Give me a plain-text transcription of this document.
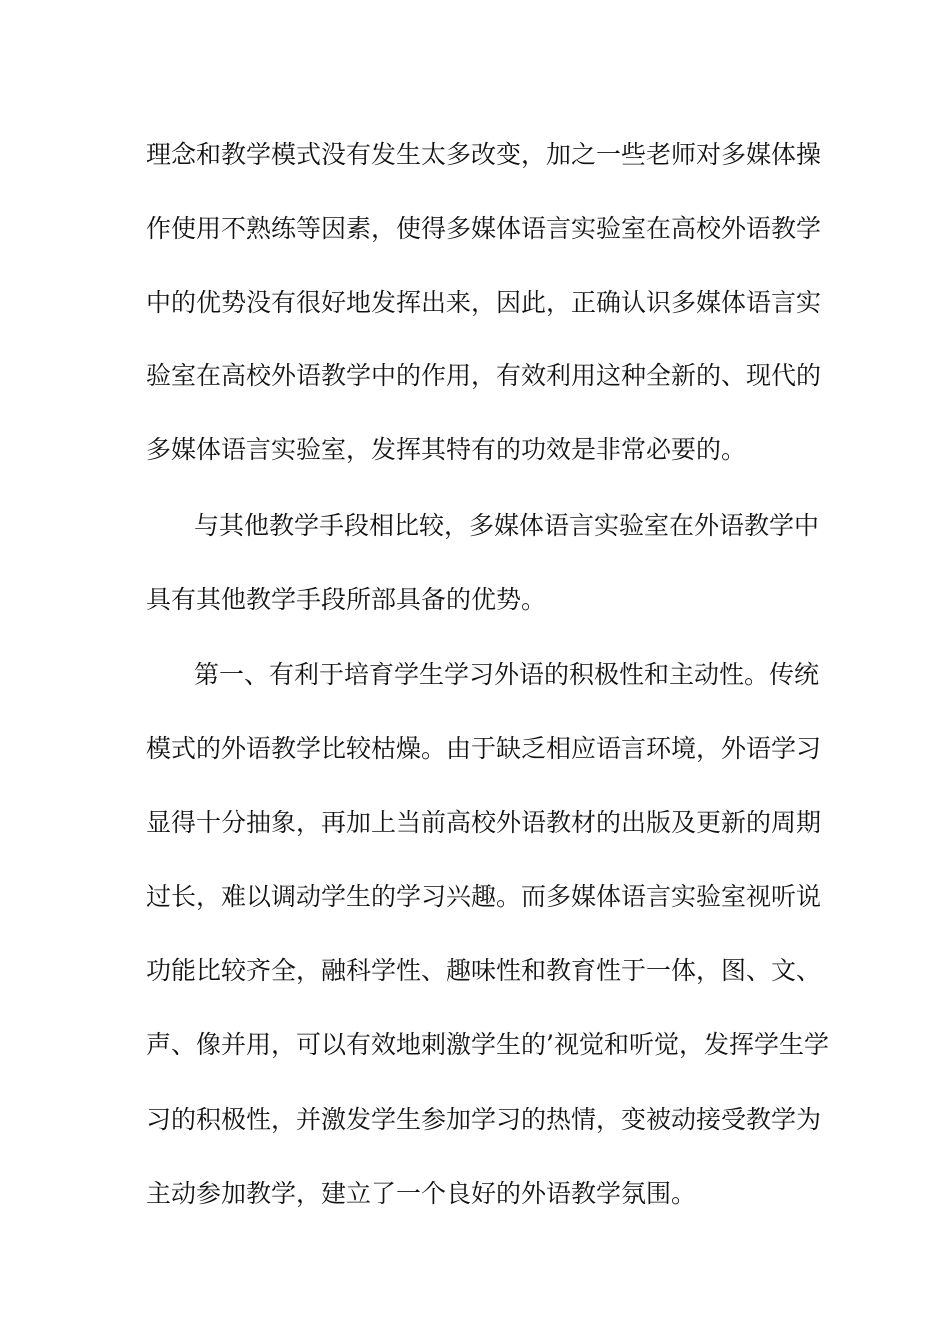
理念和教学模式没有发生太多改变，加之一些老师对多媒体操
作使用不熟练等因素，使得多媒体语言实验室在高校外语教学
中的优势没有很好地发挥出来，因此，正确认识多媒体语言实
验室在高校外语教学中的作用，有效利用这种全新的、现代的
多媒体语言实验室，发挥其特有的功效是非常必要的。
与其他教学手段相比较，多媒体语言实验室在外语教学中
具有其他教学手段所部具备的优势。
第一、有利于培育学生学习外语的积极性和主动性。传统
模式的外语教学比较枯燥。由于缺乏相应语言环境，外语学习
显得十分抽象，再加上当前高校外语教材的出版及更新的周期
过长，难以调动学生的学习兴趣。而多媒体语言实验室视听说
功能比较齐全，融科学性、趣味性和教育性于一体，图、文、
声、像并用，可以有效地刺激学生的’视觉和听觉，发挥学生学
习的积极性，并激发学生参加学习的热情，变被动接受教学为
主动参加教学，建立了一个良好的外语教学氛围。
